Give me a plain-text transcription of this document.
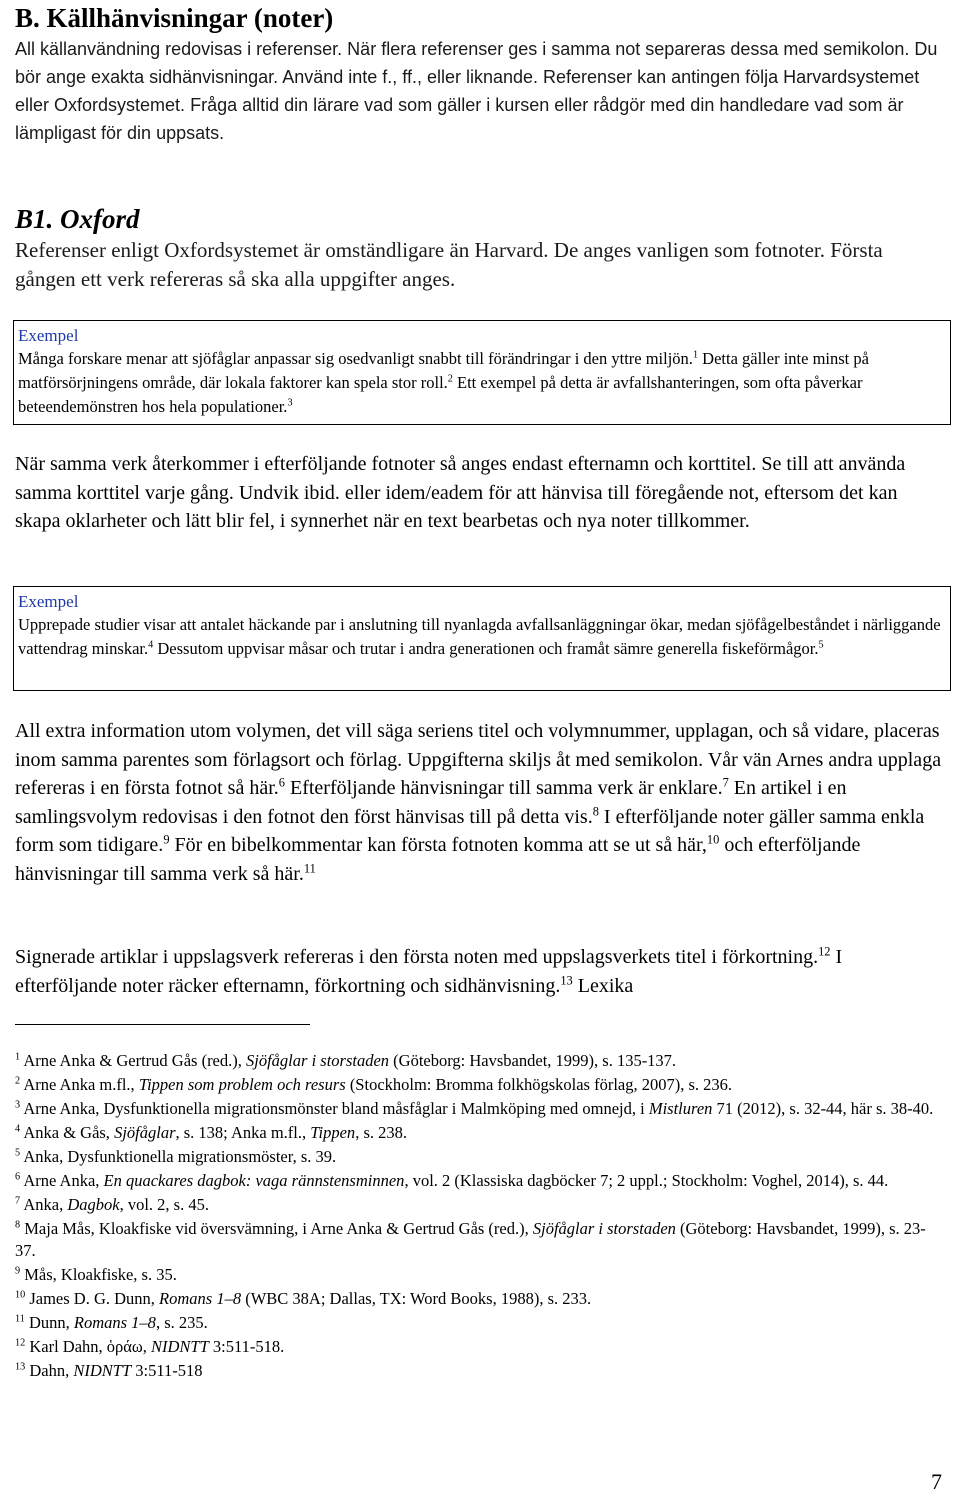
B. Källhänvisningar (noter)
All källanvändning redovisas i referenser. När flera referenser ges i samma not separeras dessa med semikolon. Du bör ange exakta sidhänvisningar. Använd inte f., ff., eller liknande. Referenser kan antingen följa Harvardsystemet eller Oxfordsystemet. Fråga alltid din lärare vad som gäller i kursen eller rådgör med din handledare vad som är lämpligast för din uppsats.
B1. Oxford
Referenser enligt Oxfordsystemet är omständligare än Harvard. De anges vanligen som fotnoter. Första gången ett verk refereras så ska alla uppgifter anges.
Exempel
Många forskare menar att sjöfåglar anpassar sig osedvanligt snabbt till förändringar i den yttre miljön.$^1$ Detta gäller inte minst på matförsörjningens område, där lokala faktorer kan spela stor roll.$^2$ Ett exempel på detta är avfallshanteringen, som ofta påverkar beteendemönstren hos hela populationer.$^3$
När samma verk återkommer i efterföljande fotnoter så anges endast efternamn och korttitel. Se till att använda samma korttitel varje gång. Undvik ibid. eller idem/eadem för att hänvisa till föregående not, eftersom det kan skapa oklarheter och lätt blir fel, i synnerhet när en text bearbetas och nya noter tillkommer.
Exempel
Upprepade studier visar att antalet häckande par i anslutning till nyanlagda avfallsanläggningar ökar, medan sjöfågelbeståndet i närliggande vattendrag minskar.$^4$ Dessutom uppvisar måsar och trutar i andra generationen och framåt sämre generella fiskeförmågor.$^5$
All extra information utom volymen, det vill säga seriens titel och volymnummer, upplagan, och så vidare, placeras inom samma parentes som förlagsort och förlag. Uppgifterna skiljs åt med semikolon. Vår vän Arnes andra upplaga refereras i en första fotnot så här.$^6$ Efterföljande hänvisningar till samma verk är enklare.$^7$ En artikel i en samlingsvolym redovisas i den fotnot den först hänvisas till på detta vis.$^8$ I efterföljande noter gäller samma enkla form som tidigare.$^9$ För en bibelkommentar kan första fotnoten komma att se ut så här,$^{10}$ och efterföljande hänvisningar till samma verk så här.$^{11}$
Signerade artiklar i uppslagsverk refereras i den första noten med uppslagsverkets titel i förkortning.$^{12}$ I efterföljande noter räcker efternamn, förkortning och sidhänvisning.$^{13}$ Lexika

$^1$ Arne Anka & Gertrud Gås (red.), Sjöfåglar i storstaden (Göteborg: Havsbandet, 1999), s. 135-137.

$^2$ Arne Anka m.fl., Tippen som problem och resurs (Stockholm: Bromma folkhögskolas förlag, 2007), s. 236.

$^3$ Arne Anka, Dysfunktionella migrationsmönster bland måsfåglar i Malmköping med omnejd, i Mistluren 71 (2012), s. 32-44, här s. 38-40.

$^4$ Anka & Gås, Sjöfåglar, s. 138; Anka m.fl., Tippen, s. 238.

$^5$ Anka, Dysfunktionella migrationsmöster, s. 39.

$^6$ Arne Anka, En quackares dagbok: vaga rännstensminnen, vol. 2 (Klassiska dagböcker 7; 2 uppl.; Stockholm: Voghel, 2014), s. 44.

$^7$ Anka, Dagbok, vol. 2, s. 45.

$^8$ Maja Mås, Kloakfiske vid översvämning, i Arne Anka & Gertrud Gås (red.), Sjöfåglar i storstaden (Göteborg: Havsbandet, 1999), s. 23-37.

$^9$ Mås, Kloakfiske, s. 35.

$^{10}$ James D. G. Dunn, Romans 1–8 (WBC 38A; Dallas, TX: Word Books, 1988), s. 233.

$^{11}$ Dunn, Romans 1–8, s. 235.

$^{12}$ Karl Dahn, ὁράω, NIDNTT 3:511-518.

$^{13}$ Dahn, NIDNTT 3:511-518

7
